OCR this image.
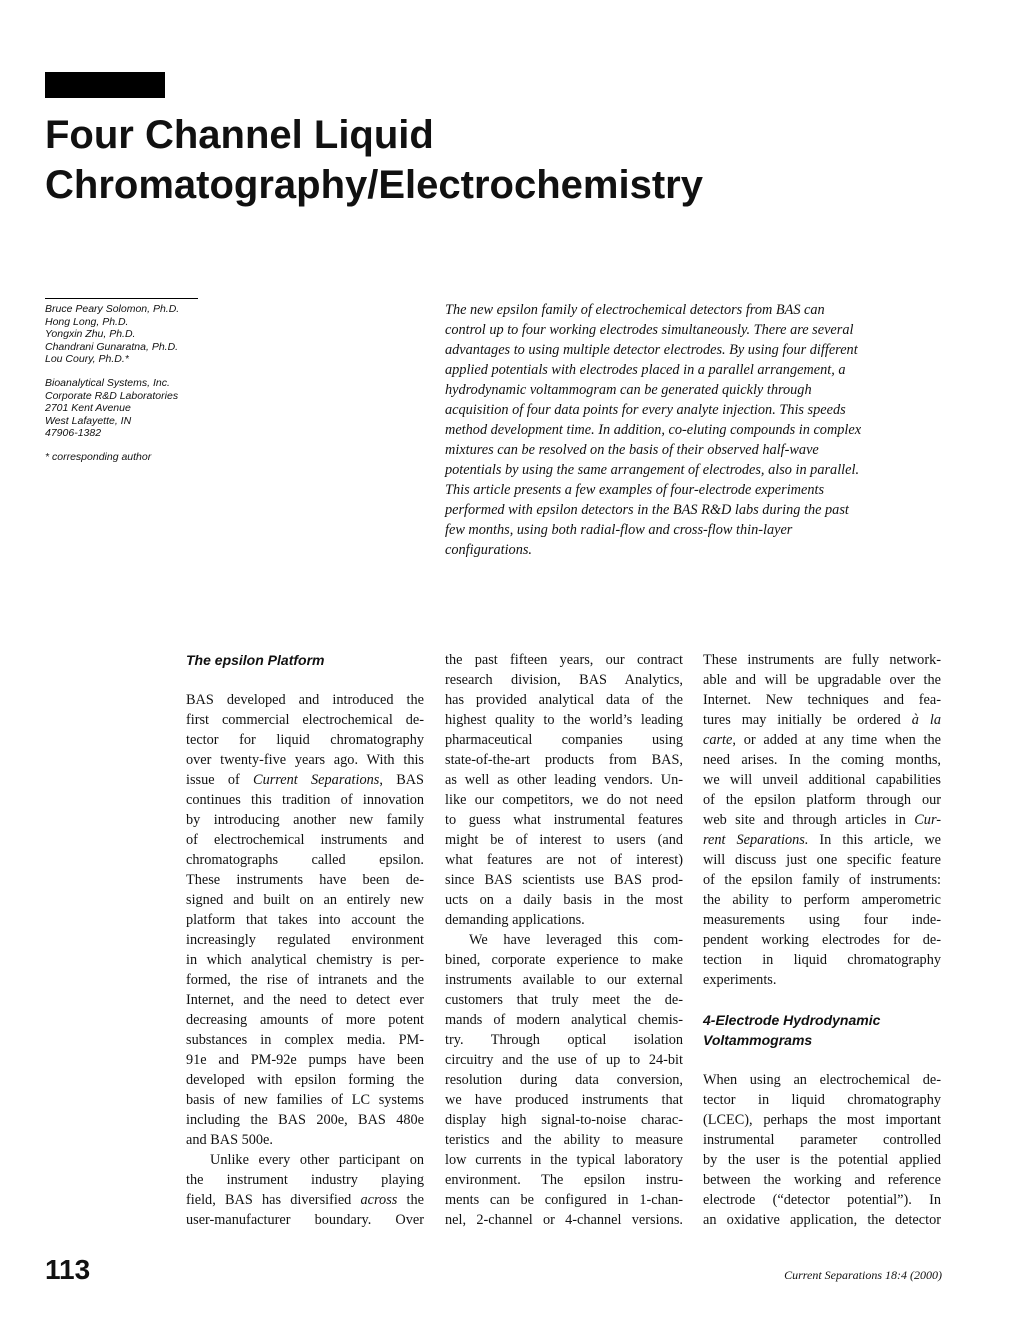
Four Channel Liquid
Chromatography/Electrochemistry
Bruce Peary Solomon, Ph.D.
Hong Long, Ph.D.
Yongxin Zhu, Ph.D.
Chandrani Gunaratna, Ph.D.
Lou Coury, Ph.D.*
Bioanalytical Systems, Inc.
Corporate R&D Laboratories
2701 Kent Avenue
West Lafayette, IN
47906-1382
* corresponding author
The new epsilon family of electrochemical detectors from BAS can
control up to four working electrodes simultaneously. There are several
advantages to using multiple detector electrodes. By using four different
applied potentials with electrodes placed in a parallel arrangement, a
hydrodynamic voltammogram can be generated quickly through
acquisition of four data points for every analyte injection. This speeds
method development time. In addition, co-eluting compounds in complex
mixtures can be resolved on the basis of their observed half-wave
potentials by using the same arrangement of electrodes, also in parallel.
This article presents a few examples of four-electrode experiments
performed with epsilon detectors in the BAS R&D labs during the past
few months, using both radial-flow and cross-flow thin-layer
configurations.
The epsilon Platform
BAS developed and introduced the
first commercial electrochemical de-
tector for liquid chromatography
over twenty-five years ago. With this
issue of Current Separations, BAS
continues this tradition of innovation
by introducing another new family
of electrochemical instruments and
chromatographs called epsilon.
These instruments have been de-
signed and built on an entirely new
platform that takes into account the
increasingly regulated environment
in which analytical chemistry is per-
formed, the rise of intranets and the
Internet, and the need to detect ever
decreasing amounts of more potent
substances in complex media. PM-
91e and PM-92e pumps have been
developed with epsilon forming the
basis of new families of LC systems
including the BAS 200e, BAS 480e
and BAS 500e.
Unlike every other participant on
the instrument industry playing
field, BAS has diversified across the
user-manufacturer boundary. Over
the past fifteen years, our contract
research division, BAS Analytics,
has provided analytical data of the
highest quality to the world’s leading
pharmaceutical companies using
state-of-the-art products from BAS,
as well as other leading vendors. Un-
like our competitors, we do not need
to guess what instrumental features
might be of interest to users (and
what features are not of interest)
since BAS scientists use BAS prod-
ucts on a daily basis in the most
demanding applications.
We have leveraged this com-
bined, corporate experience to make
instruments available to our external
customers that truly meet the de-
mands of modern analytical chemis-
try. Through optical isolation
circuitry and the use of up to 24-bit
resolution during data conversion,
we have produced instruments that
display high signal-to-noise charac-
teristics and the ability to measure
low currents in the typical laboratory
environment. The epsilon instru-
ments can be configured in 1-chan-
nel, 2-channel or 4-channel versions.
These instruments are fully network-
able and will be upgradable over the
Internet. New techniques and fea-
tures may initially be ordered à la
carte, or added at any time when the
need arises. In the coming months,
we will unveil additional capabilities
of the epsilon platform through our
web site and through articles in Cur-
rent Separations. In this article, we
will discuss just one specific feature
of the epsilon family of instruments:
the ability to perform amperometric
measurements using four inde-
pendent working electrodes for de-
tection in liquid chromatography
experiments.
4-Electrode Hydrodynamic
Voltammograms
When using an electrochemical de-
tector in liquid chromatography
(LCEC), perhaps the most important
instrumental parameter controlled
by the user is the potential applied
between the working and reference
electrode (“detector potential”). In
an oxidative application, the detector
113	Current Separations 18:4 (2000)
